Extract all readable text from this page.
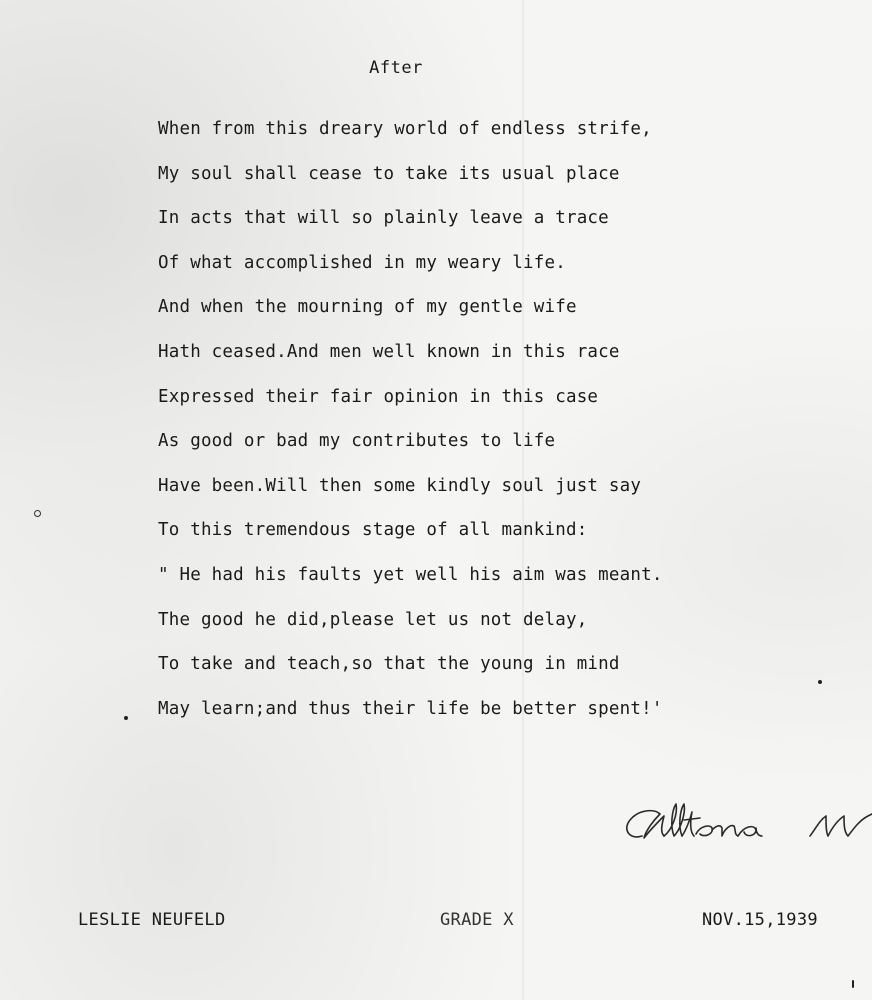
After
When from this dreary world of endless strife,
My soul shall cease to take its usual place
In acts that will so plainly leave a trace
Of what accomplished in my weary life.
And when the mourning of my gentle wife
Hath ceased.And men well known in this race
Expressed their fair opinion in this case
As good or bad my contributes to life
Have been.Will then some kindly soul just say
To this tremendous stage of all mankind:
" He had his faults yet well his aim was meant.
The good he did,please let us not delay,
To take and teach,so that the young in mind
May learn;and thus their life be better spent!'
LESLIE NEUFELD	GRADE X	NOV.15,1939
